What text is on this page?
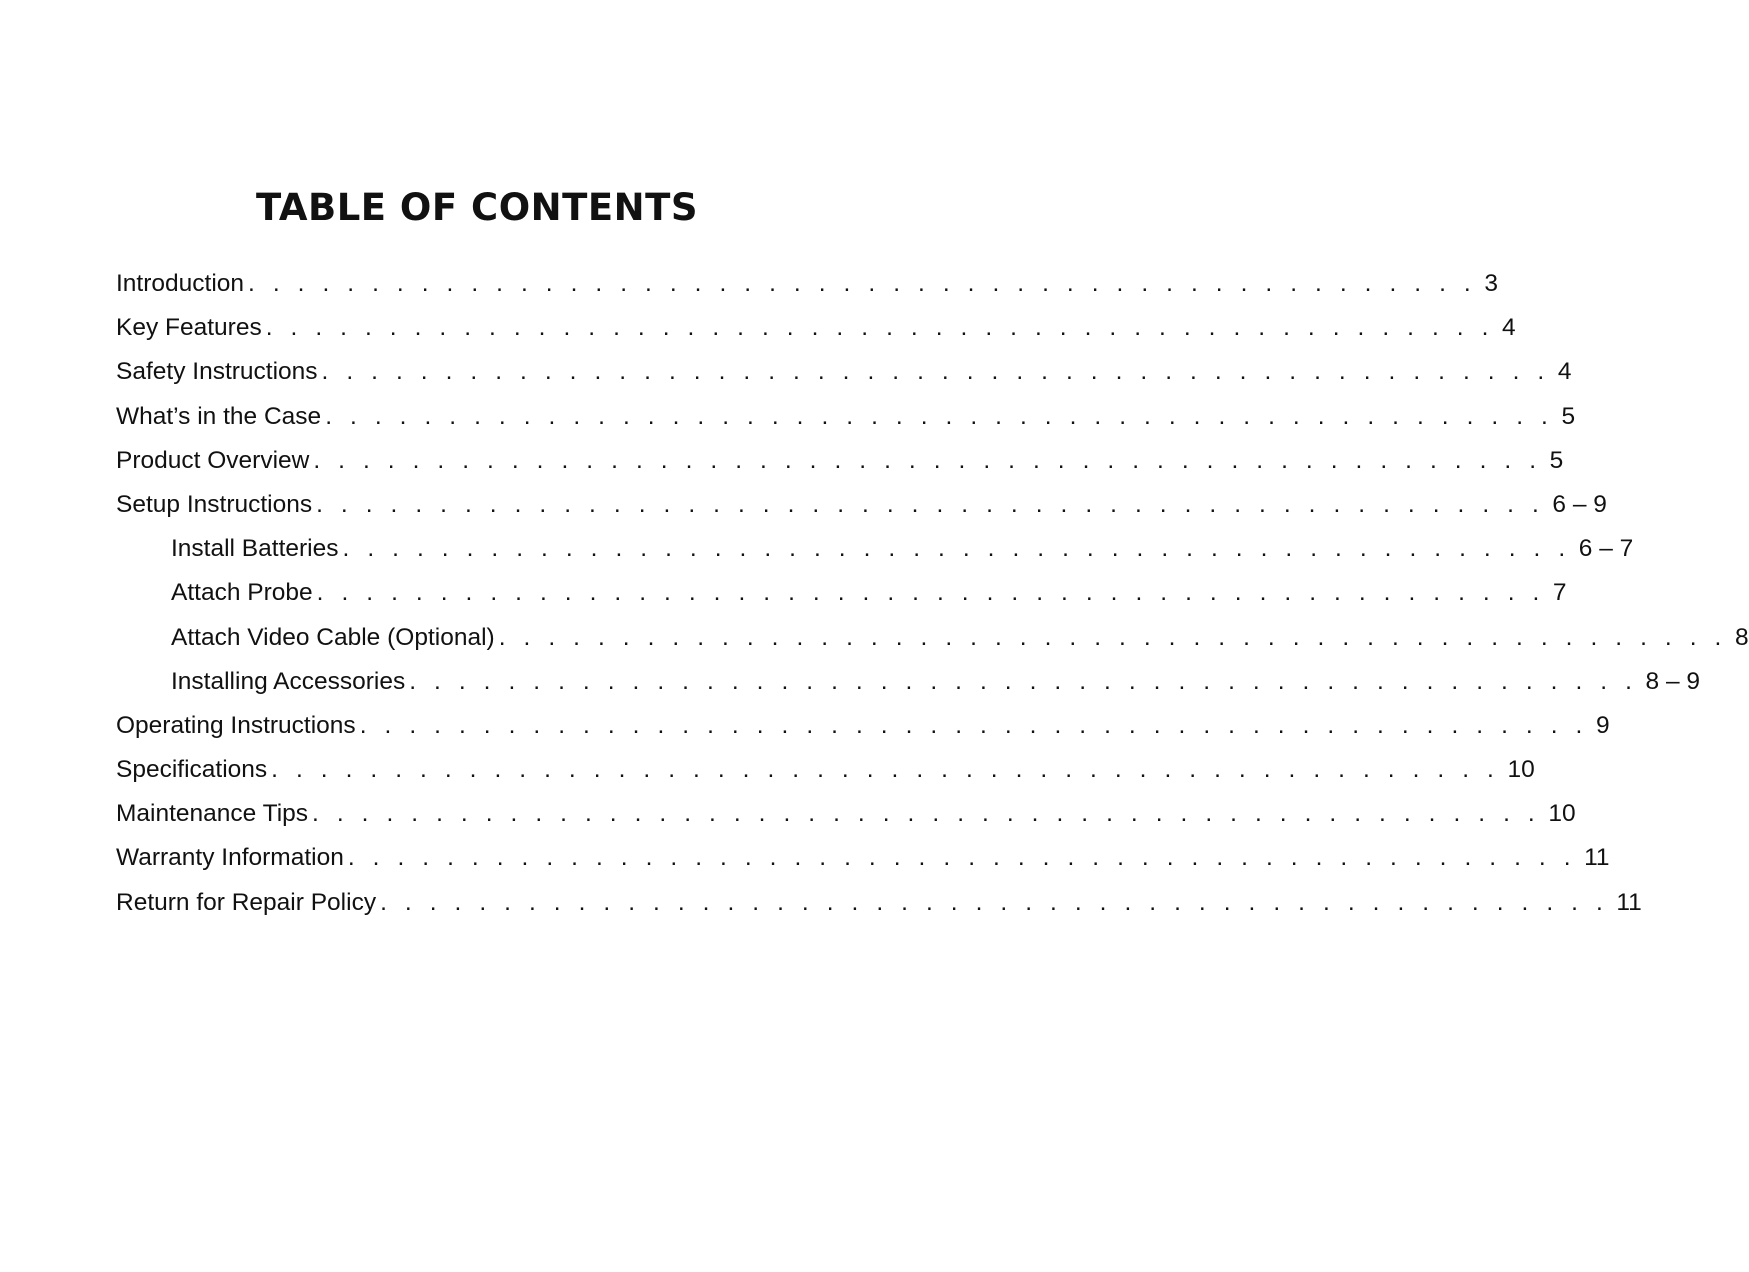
TABLE OF CONTENTS
Introduction . . . . . . . . . . . . . . . . . . . . . . . . . . . . . . . . . . . . . . . . . . . . . . . . . . 3
Key Features . . . . . . . . . . . . . . . . . . . . . . . . . . . . . . . . . . . . . . . . . . . . . . . . . . 4
Safety Instructions . . . . . . . . . . . . . . . . . . . . . . . . . . . . . . . . . . . . . . . . . . . . . . . . . . 4
What’s in the Case . . . . . . . . . . . . . . . . . . . . . . . . . . . . . . . . . . . . . . . . . . . . . . . . . . 5
Product Overview . . . . . . . . . . . . . . . . . . . . . . . . . . . . . . . . . . . . . . . . . . . . . . . . . . 5
Setup Instructions . . . . . . . . . . . . . . . . . . . . . . . . . . . . . . . . . . . . . . . . . . . . . . . . . . 6 – 9
Install Batteries . . . . . . . . . . . . . . . . . . . . . . . . . . . . . . . . . . . . . . . . . . . . . . . . . . 6 – 7
Attach Probe . . . . . . . . . . . . . . . . . . . . . . . . . . . . . . . . . . . . . . . . . . . . . . . . . . 7
Attach Video Cable (Optional) . . . . . . . . . . . . . . . . . . . . . . . . . . . . . . . . . . . . . . . . . . . . . . . . . . 8
Installing Accessories . . . . . . . . . . . . . . . . . . . . . . . . . . . . . . . . . . . . . . . . . . . . . . . . . . 8 – 9
Operating Instructions . . . . . . . . . . . . . . . . . . . . . . . . . . . . . . . . . . . . . . . . . . . . . . . . . . 9
Specifications . . . . . . . . . . . . . . . . . . . . . . . . . . . . . . . . . . . . . . . . . . . . . . . . . . 10
Maintenance Tips . . . . . . . . . . . . . . . . . . . . . . . . . . . . . . . . . . . . . . . . . . . . . . . . . . 10
Warranty Information . . . . . . . . . . . . . . . . . . . . . . . . . . . . . . . . . . . . . . . . . . . . . . . . . . 11
Return for Repair Policy . . . . . . . . . . . . . . . . . . . . . . . . . . . . . . . . . . . . . . . . . . . . . . . . . . 11
